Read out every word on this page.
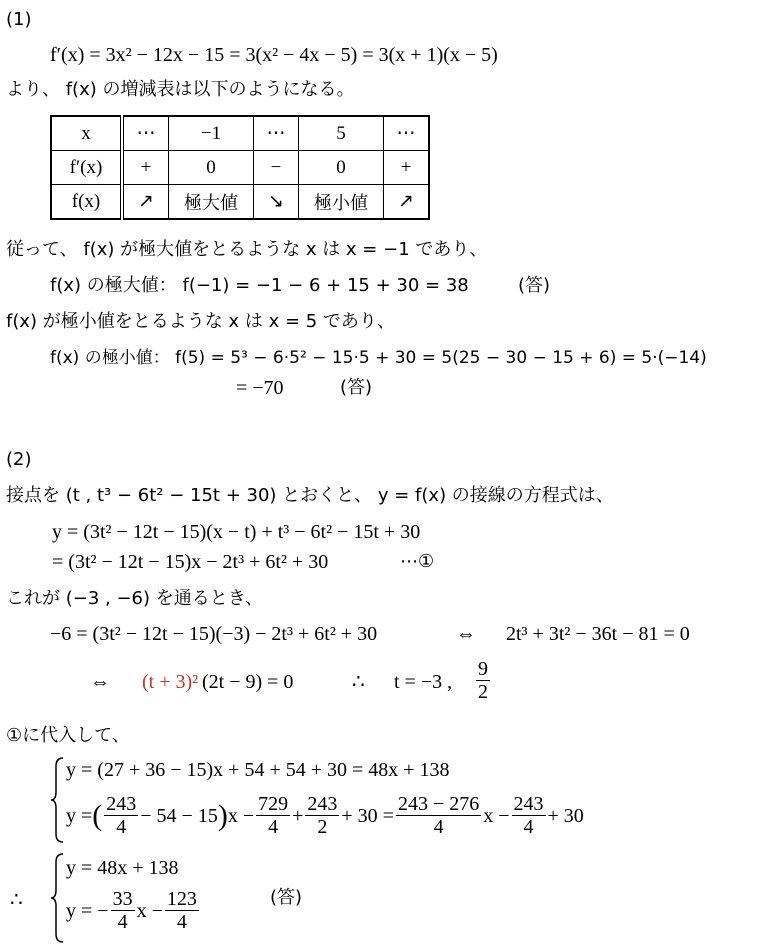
(1)
f′(x) = 3x² − 12x − 15 = 3(x² − 4x − 5) = 3(x + 1)(x − 5)
より、 f(x) の増減表は以下のようになる。
x	⋯	−1	⋯	5	⋯
f′(x)	+	0	−	0	+
f(x)	↗	極大値	↘	極小値	↗
従って、 f(x) が極大値をとるような x は x = −1 であり、
f(x) の極大値： f(−1) = −1 − 6 + 15 + 30 = 38	(答)
f(x) が極小値をとるような x は x = 5 であり、
f(x) の極小値： f(5) = 5³ − 6·5² − 15·5 + 30 = 5(25 − 30 − 15 + 6) = 5·(−14)
= −70	(答)
(2)
接点を (t , t³ − 6t² − 15t + 30) とおくと、 y = f(x) の接線の方程式は、
y = (3t² − 12t − 15)(x − t) + t³ − 6t² − 15t + 30
= (3t² − 12t − 15)x − 2t³ + 6t² + 30	⋯①
これが (−3 , −6) を通るとき、
−6 = (3t² − 12t − 15)(−3) − 2t³ + 6t² + 30	⇔ 2t³ + 3t² − 36t − 81 = 0
⇔ (t + 3)² (2t − 9) = 0	∴ t = −3 , $\frac{9}{2}$
①に代入して、
y = (27 + 36 − 15)x + 54 + 54 + 30 = 48x + 138
y = ( $\frac{243}{4} - 54 - 15$ ) $x - \frac{729}{4} + \frac{243}{2} + 30 = \frac{243 - 276}{4}$ $x - \frac{243}{4} + 30$
∴
y = 48x + 138
y = − $\frac{33}{4}$ $x - \frac{123}{4}$	(答)
